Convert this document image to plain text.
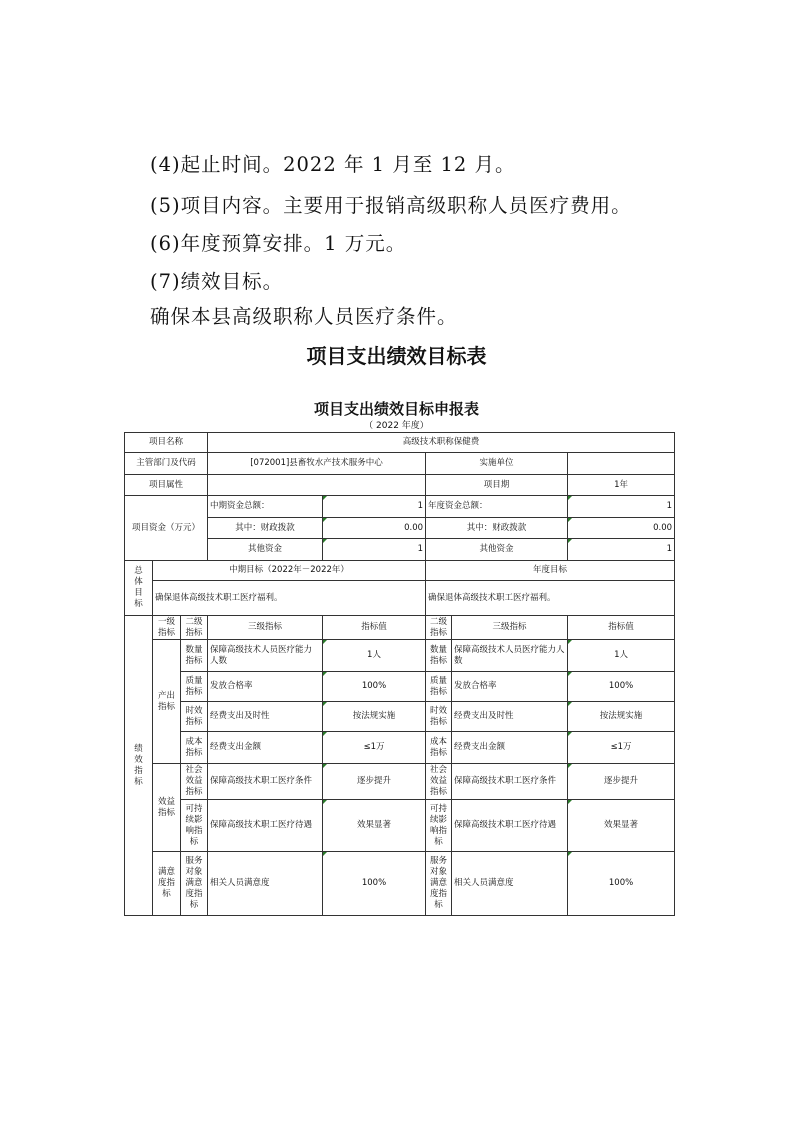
(4)起止时间。2022 年 1 月至 12 月。
(5)项目内容。主要用于报销高级职称人员医疗费用。
(6)年度预算安排。1 万元。
(7)绩效目标。
确保本县高级职称人员医疗条件。
项目支出绩效目标表
项目支出绩效目标申报表
（ 2022 年度）
项目名称			高级技术职称保健费				
主管部门及代码			[072001]县畜牧水产技术服务中心		实施单位		
项目属性					项目期		1年
项目资金（万元）			中期资金总额：	1	年度资金总额：		1
			其中：财政拨款	0.00	其中：财政拨款		0.00
			其他资金	1	其他资金		1
总体目标	中期目标（2022年－2022年）				年度目标		
	确保退体高级技术职工医疗福利。				确保退体高级技术职工医疗福利。		
绩效指标	一级指标	二级指标	三级指标	指标值	二级指标	三级指标	指标值
	产出指标	数量指标	保障高级技术人员医疗能力人数	1人	数量指标	保障高级技术人员医疗能力人数	1人
		质量指标	发放合格率	100%	质量指标	发放合格率	100%
		时效指标	经费支出及时性	按法规实施	时效指标	经费支出及时性	按法规实施
		成本指标	经费支出金额	≤1万	成本指标	经费支出金额	≤1万
	效益指标	社会效益指标	保障高级技术职工医疗条件	逐步提升	社会效益指标	保障高级技术职工医疗条件	逐步提升
		可持续影响指标	保障高级技术职工医疗待遇	效果显著	可持续影响指标	保障高级技术职工医疗待遇	效果显著
	满意度指标	服务对象满意度指标	相关人员满意度	100%	服务对象满意度指标	相关人员满意度	100%
